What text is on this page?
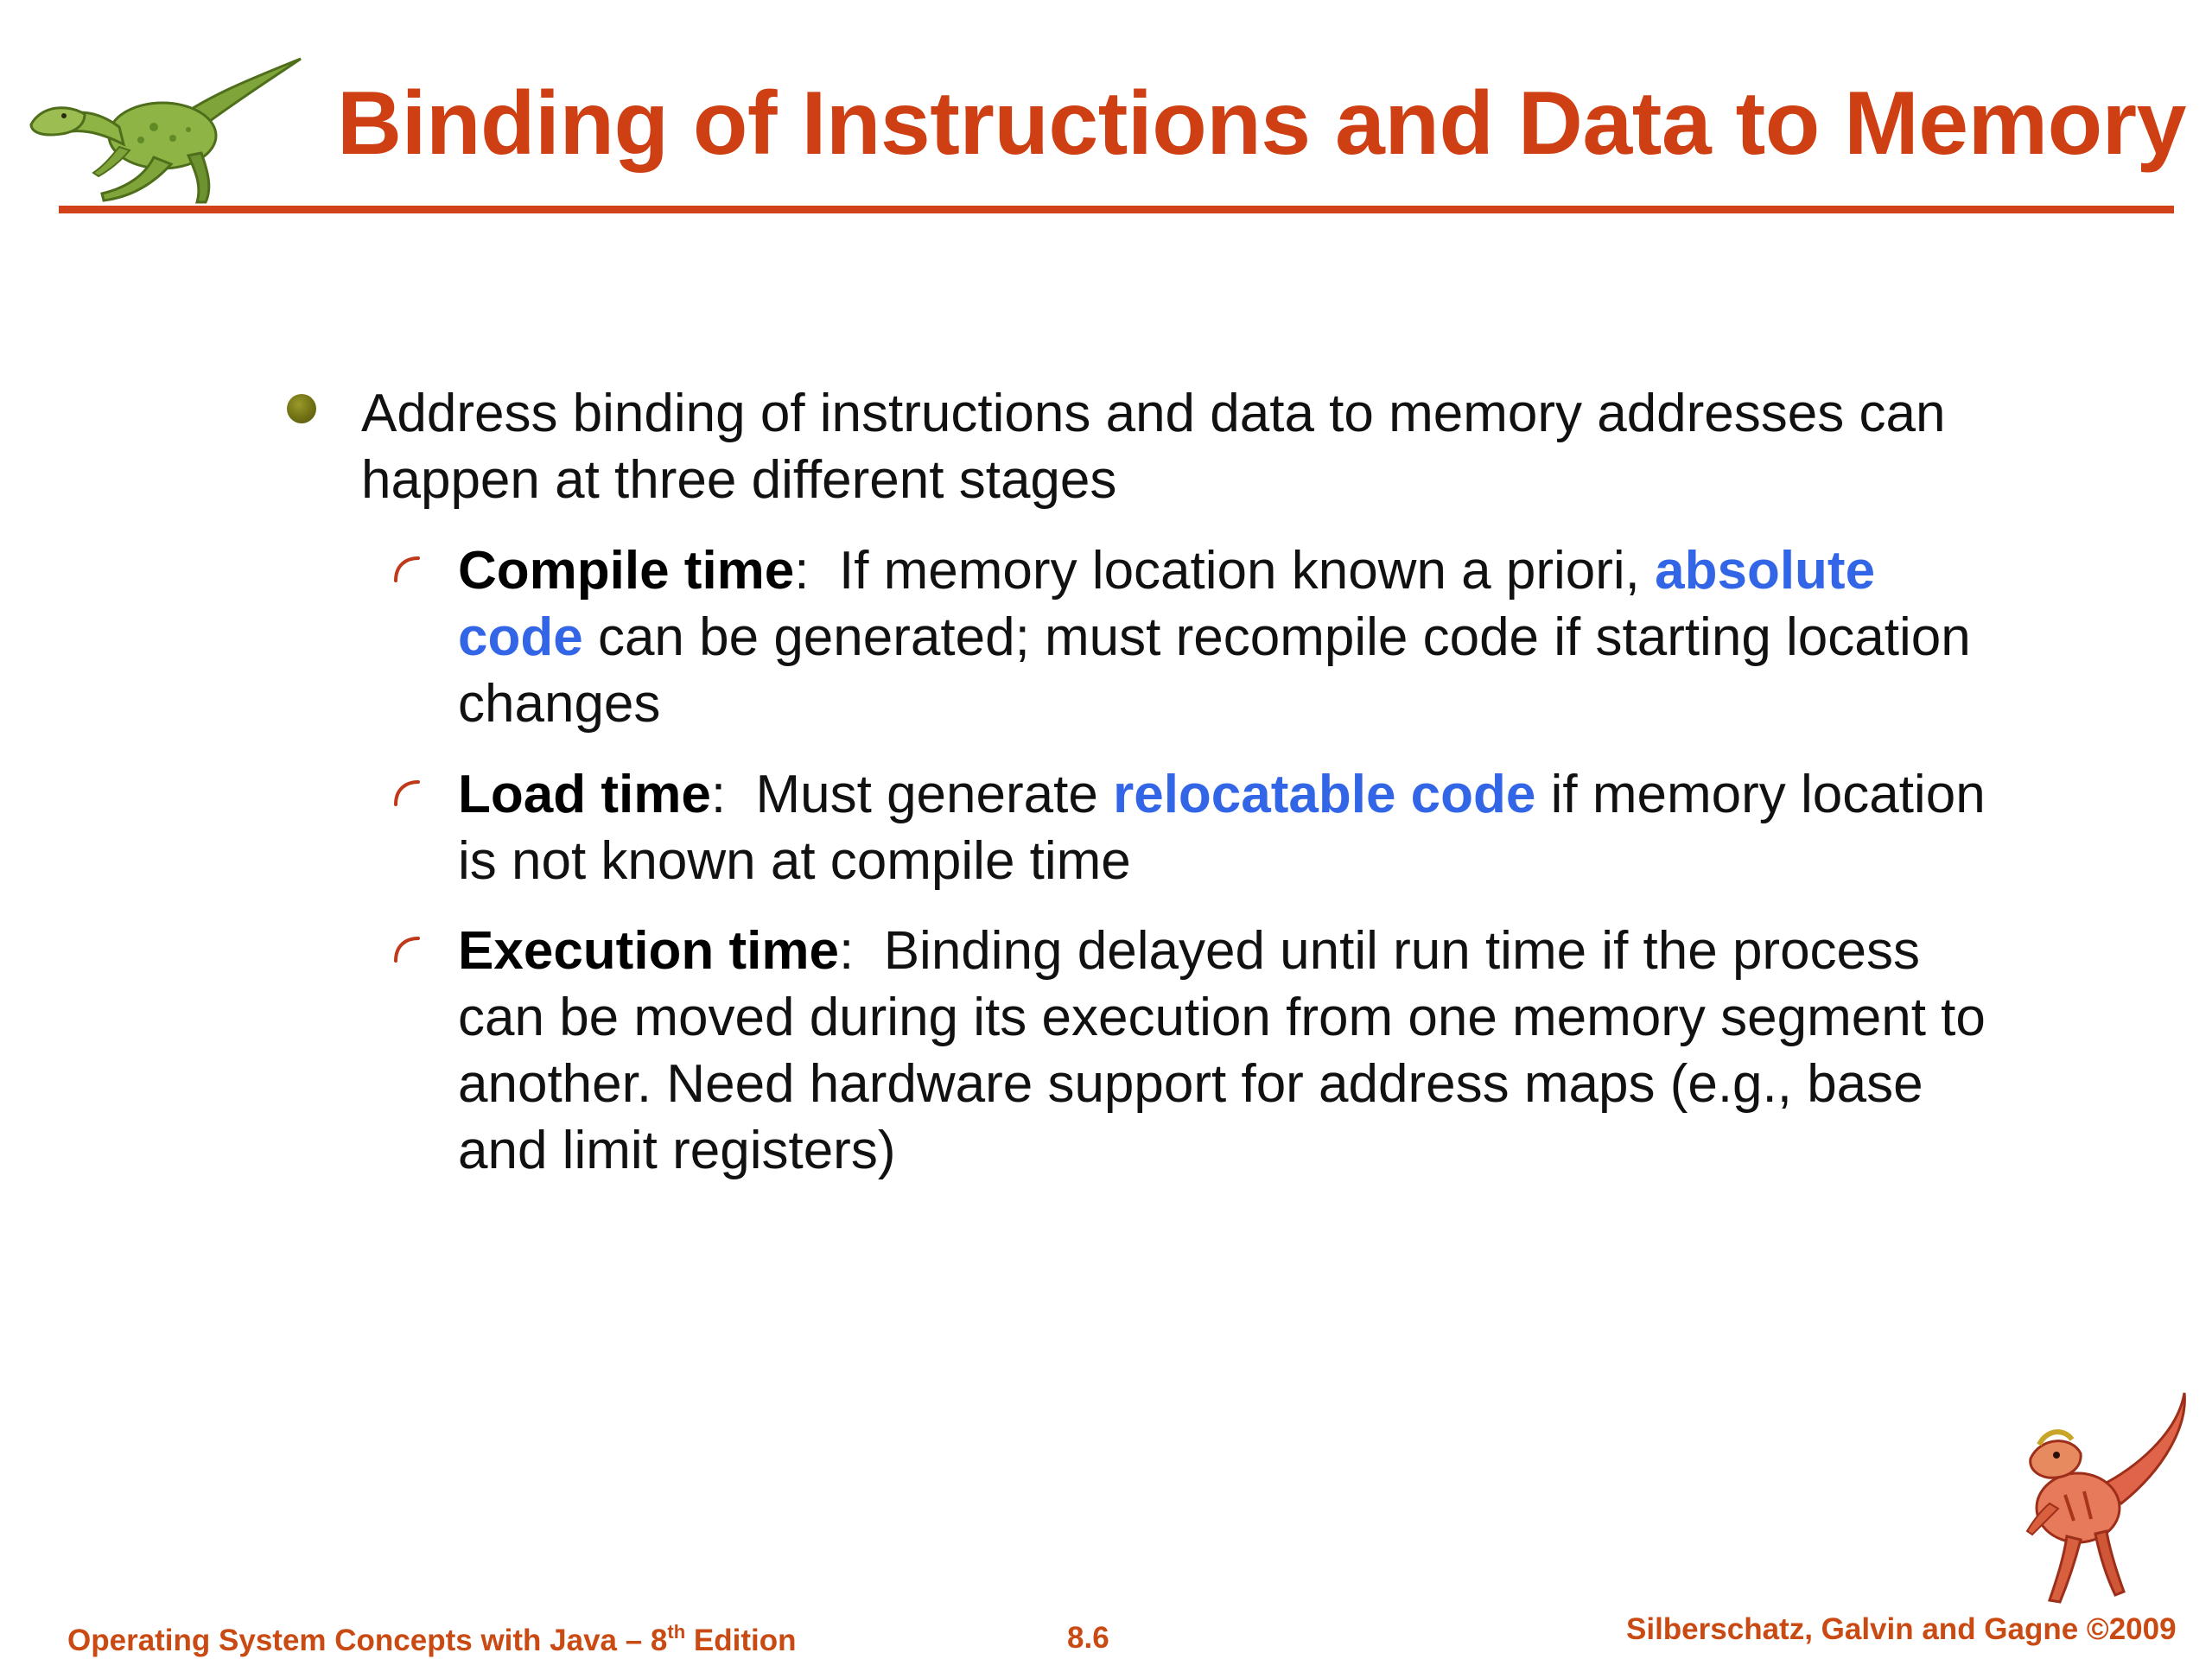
Binding of Instructions and Data to Memory
Address binding of instructions and data to memory addresses can happen at three different stages
Compile time:  If memory location known a priori, absolute code can be generated; must recompile code if starting location changes
Load time:  Must generate relocatable code if memory location is not known at compile time
Execution time:  Binding delayed until run time if the process can be moved during its execution from one memory segment to another. Need hardware support for address maps (e.g., base and limit registers)
Operating System Concepts with Java – 8th Edition	8.6	Silberschatz, Galvin and Gagne ©2009
